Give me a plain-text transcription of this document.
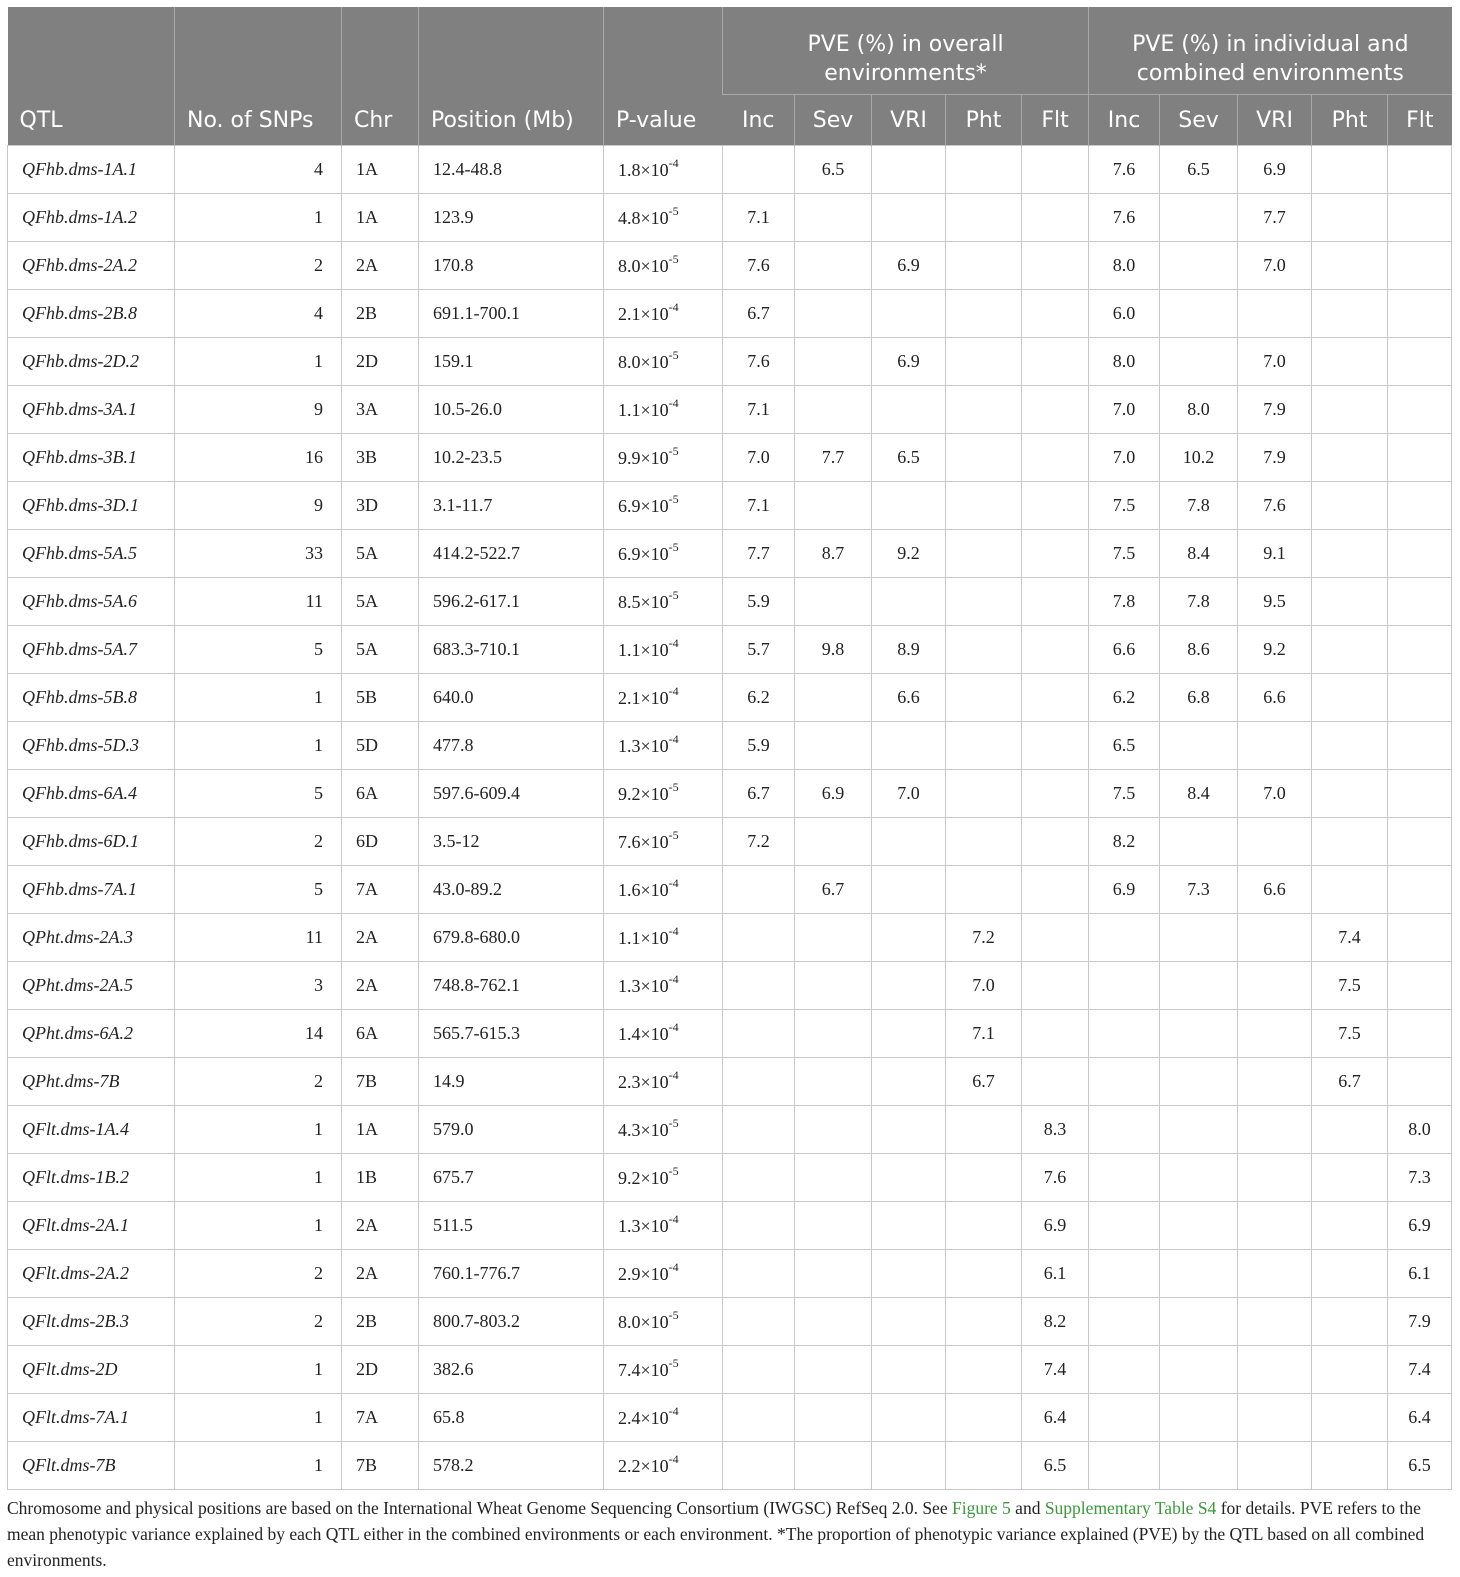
QTL	No. of SNPs	Chr	Position (Mb)	P-value	PVE (%) in overall environments*					PVE (%) in individual and combined environments				
					Inc	Sev	VRI	Pht	Flt	Inc	Sev	VRI	Pht	Flt
QFhb.dms-1A.1	4	1A	12.4-48.8	$1.8\times 10^{-4}$		6.5				7.6	6.5	6.9		
QFhb.dms-1A.2	1	1A	123.9	$4.8\times 10^{-5}$	7.1					7.6		7.7		
QFhb.dms-2A.2	2	2A	170.8	$8.0\times 10^{-5}$	7.6		6.9			8.0		7.0		
QFhb.dms-2B.8	4	2B	691.1-700.1	$2.1\times 10^{-4}$	6.7					6.0				
QFhb.dms-2D.2	1	2D	159.1	$8.0\times 10^{-5}$	7.6		6.9			8.0		7.0		
QFhb.dms-3A.1	9	3A	10.5-26.0	$1.1\times 10^{-4}$	7.1					7.0	8.0	7.9		
QFhb.dms-3B.1	16	3B	10.2-23.5	$9.9\times 10^{-5}$	7.0	7.7	6.5			7.0	10.2	7.9		
QFhb.dms-3D.1	9	3D	3.1-11.7	$6.9\times 10^{-5}$	7.1					7.5	7.8	7.6		
QFhb.dms-5A.5	33	5A	414.2-522.7	$6.9\times 10^{-5}$	7.7	8.7	9.2			7.5	8.4	9.1		
QFhb.dms-5A.6	11	5A	596.2-617.1	$8.5\times 10^{-5}$	5.9					7.8	7.8	9.5		
QFhb.dms-5A.7	5	5A	683.3-710.1	$1.1\times 10^{-4}$	5.7	9.8	8.9			6.6	8.6	9.2		
QFhb.dms-5B.8	1	5B	640.0	$2.1\times 10^{-4}$	6.2		6.6			6.2	6.8	6.6		
QFhb.dms-5D.3	1	5D	477.8	$1.3\times 10^{-4}$	5.9					6.5				
QFhb.dms-6A.4	5	6A	597.6-609.4	$9.2\times 10^{-5}$	6.7	6.9	7.0			7.5	8.4	7.0		
QFhb.dms-6D.1	2	6D	3.5-12	$7.6\times 10^{-5}$	7.2					8.2				
QFhb.dms-7A.1	5	7A	43.0-89.2	$1.6\times 10^{-4}$		6.7				6.9	7.3	6.6		
QPht.dms-2A.3	11	2A	679.8-680.0	$1.1\times 10^{-4}$				7.2					7.4	
QPht.dms-2A.5	3	2A	748.8-762.1	$1.3\times 10^{-4}$				7.0					7.5	
QPht.dms-6A.2	14	6A	565.7-615.3	$1.4\times 10^{-4}$				7.1					7.5	
QPht.dms-7B	2	7B	14.9	$2.3\times 10^{-4}$				6.7					6.7	
QFlt.dms-1A.4	1	1A	579.0	$4.3\times 10^{-5}$					8.3					8.0
QFlt.dms-1B.2	1	1B	675.7	$9.2\times 10^{-5}$					7.6					7.3
QFlt.dms-2A.1	1	2A	511.5	$1.3\times 10^{-4}$					6.9					6.9
QFlt.dms-2A.2	2	2A	760.1-776.7	$2.9\times 10^{-4}$					6.1					6.1
QFlt.dms-2B.3	2	2B	800.7-803.2	$8.0\times 10^{-5}$					8.2					7.9
QFlt.dms-2D	1	2D	382.6	$7.4\times 10^{-5}$					7.4					7.4
QFlt.dms-7A.1	1	7A	65.8	$2.4\times 10^{-4}$					6.4					6.4
QFlt.dms-7B	1	7B	578.2	$2.2\times 10^{-4}$					6.5					6.5
Chromosome and physical positions are based on the International Wheat Genome Sequencing Consortium (IWGSC) RefSeq 2.0. See Figure 5 and Supplementary Table S4 for details. PVE refers to the mean phenotypic variance explained by each QTL either in the combined environments or each environment. *The proportion of phenotypic variance explained (PVE) by the QTL based on all combined environments.
